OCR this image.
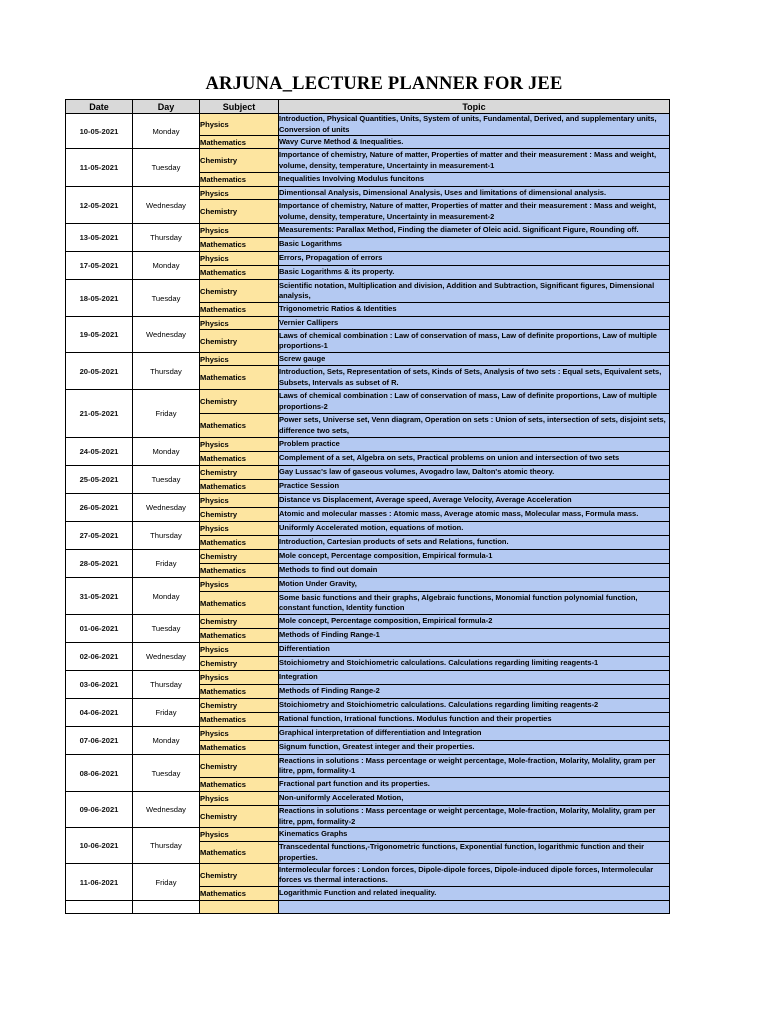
ARJUNA_LECTURE PLANNER FOR JEE
Date	Day	Subject	Topic
10-05-2021	Monday	Physics	Introduction, Physical Quantities, Units, System of units, Fundamental, Derived, and supplementary units, Conversion of units
		Mathematics	Wavy Curve Method & Inequalities.
11-05-2021	Tuesday	Chemistry	Importance of chemistry, Nature of matter, Properties of matter and their measurement : Mass and weight, volume, density, temperature, Uncertainty in measurement-1
		Mathematics	Inequalities Involving Modulus funcitons
12-05-2021	Wednesday	Physics	Dimentionsal Analysis, Dimensional Analysis, Uses and limitations of dimensional analysis.
		Chemistry	Importance of chemistry, Nature of matter, Properties of matter and their measurement : Mass and weight, volume, density, temperature, Uncertainty in measurement-2
13-05-2021	Thursday	Physics	Measurements: Parallax Method, Finding the diameter of Oleic acid. Significant Figure, Rounding off.
		Mathematics	Basic Logarithms
17-05-2021	Monday	Physics	Errors, Propagation of errors
		Mathematics	Basic Logarithms & its property.
18-05-2021	Tuesday	Chemistry	Scientific notation, Multiplication and division, Addition and Subtraction, Significant figures, Dimensional analysis,
		Mathematics	Trigonometric Ratios & Identities
19-05-2021	Wednesday	Physics	Vernier Callipers
		Chemistry	Laws of chemical combination : Law of conservation of mass, Law of definite proportions, Law of multiple proportions-1
20-05-2021	Thursday	Physics	Screw gauge
		Mathematics	Introduction, Sets, Representation of sets, Kinds of Sets, Analysis of two sets : Equal sets, Equivalent sets, Subsets, Intervals as subset of R.
21-05-2021	Friday	Chemistry	Laws of chemical combination : Law of conservation of mass, Law of definite proportions, Law of multiple proportions-2
		Mathematics	Power sets, Universe set, Venn diagram, Operation on sets : Union of sets, intersection of sets, disjoint sets, difference two sets,
24-05-2021	Monday	Physics	Problem practice
		Mathematics	Complement of a set, Algebra on sets, Practical problems on union and intersection of two sets
25-05-2021	Tuesday	Chemistry	Gay Lussac's law of gaseous volumes, Avogadro law, Dalton's atomic theory.
		Mathematics	Practice Session
26-05-2021	Wednesday	Physics	Distance vs Displacement, Average speed, Average Velocity, Average Acceleration
		Chemistry	Atomic and molecular masses : Atomic mass, Average atomic mass, Molecular mass, Formula mass.
27-05-2021	Thursday	Physics	Uniformly Accelerated motion, equations of motion.
		Mathematics	Introduction, Cartesian products of sets and Relations, function.
28-05-2021	Friday	Chemistry	Mole concept, Percentage composition, Empirical formula-1
		Mathematics	Methods to find out domain
31-05-2021	Monday	Physics	Motion Under Gravity,
		Mathematics	Some basic functions and their graphs, Algebraic functions, Monomial function polynomial function, constant function, Identity function
01-06-2021	Tuesday	Chemistry	Mole concept, Percentage composition, Empirical formula-2
		Mathematics	Methods of Finding Range-1
02-06-2021	Wednesday	Physics	Differentiation
		Chemistry	Stoichiometry and Stoichiometric calculations. Calculations regarding limiting reagents-1
03-06-2021	Thursday	Physics	Integration
		Mathematics	Methods of Finding Range-2
04-06-2021	Friday	Chemistry	Stoichiometry and Stoichiometric calculations. Calculations regarding limiting reagents-2
		Mathematics	Rational function, Irrational functions. Modulus function and their properties
07-06-2021	Monday	Physics	Graphical interpretation of differentiation and Integration
		Mathematics	Signum function, Greatest integer and their properties.
08-06-2021	Tuesday	Chemistry	Reactions in solutions : Mass percentage or weight percentage, Mole-fraction, Molarity, Molality, gram per litre, ppm, formality-1
		Mathematics	Fractional part function and its properties.
09-06-2021	Wednesday	Physics	Non-uniformly Accelerated Motion,
		Chemistry	Reactions in solutions : Mass percentage or weight percentage, Mole-fraction, Molarity, Molality, gram per litre, ppm, formality-2
10-06-2021	Thursday	Physics	Kinematics Graphs
		Mathematics	Transcedental functions,-Trigonometric functions, Exponential function, logarithmic function and their properties.
11-06-2021	Friday	Chemistry	Intermolecular forces : London forces, Dipole-dipole forces, Dipole-induced dipole forces, Intermolecular forces vs thermal interactions.
		Mathematics	Logarithmic Function and related inequality.
